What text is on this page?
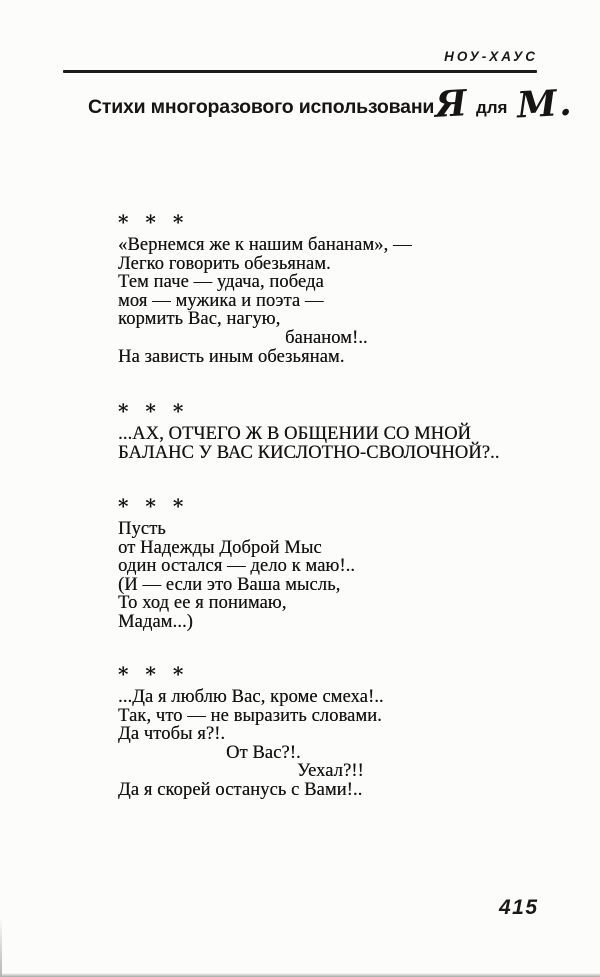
НОУ-ХАУС
Стихи многоразового использовани Я для М.
* * *
«Вернемся же к нашим бананам», —
Легко говорить обезьянам.
Тем паче — удача, победа
моя — мужика и поэта —
кормить Вас, нагую,
бананом!..
На зависть иным обезьянам.
* * *
...АХ, ОТЧЕГО Ж В ОБЩЕНИИ СО МНОЙ
БАЛАНС У ВАС КИСЛОТНО-СВОЛОЧНОЙ?..
* * *
Пусть
от Надежды Доброй Мыс
один остался — дело к маю!..
(И — если это Ваша мысль,
То ход ее я понимаю,
Мадам...)
* * *
...Да я люблю Вас, кроме смеха!..
Так, что — не выразить словами.
Да чтобы я?!.
От Вас?!.
Уехал?!!
Да я скорей останусь с Вами!..
415
